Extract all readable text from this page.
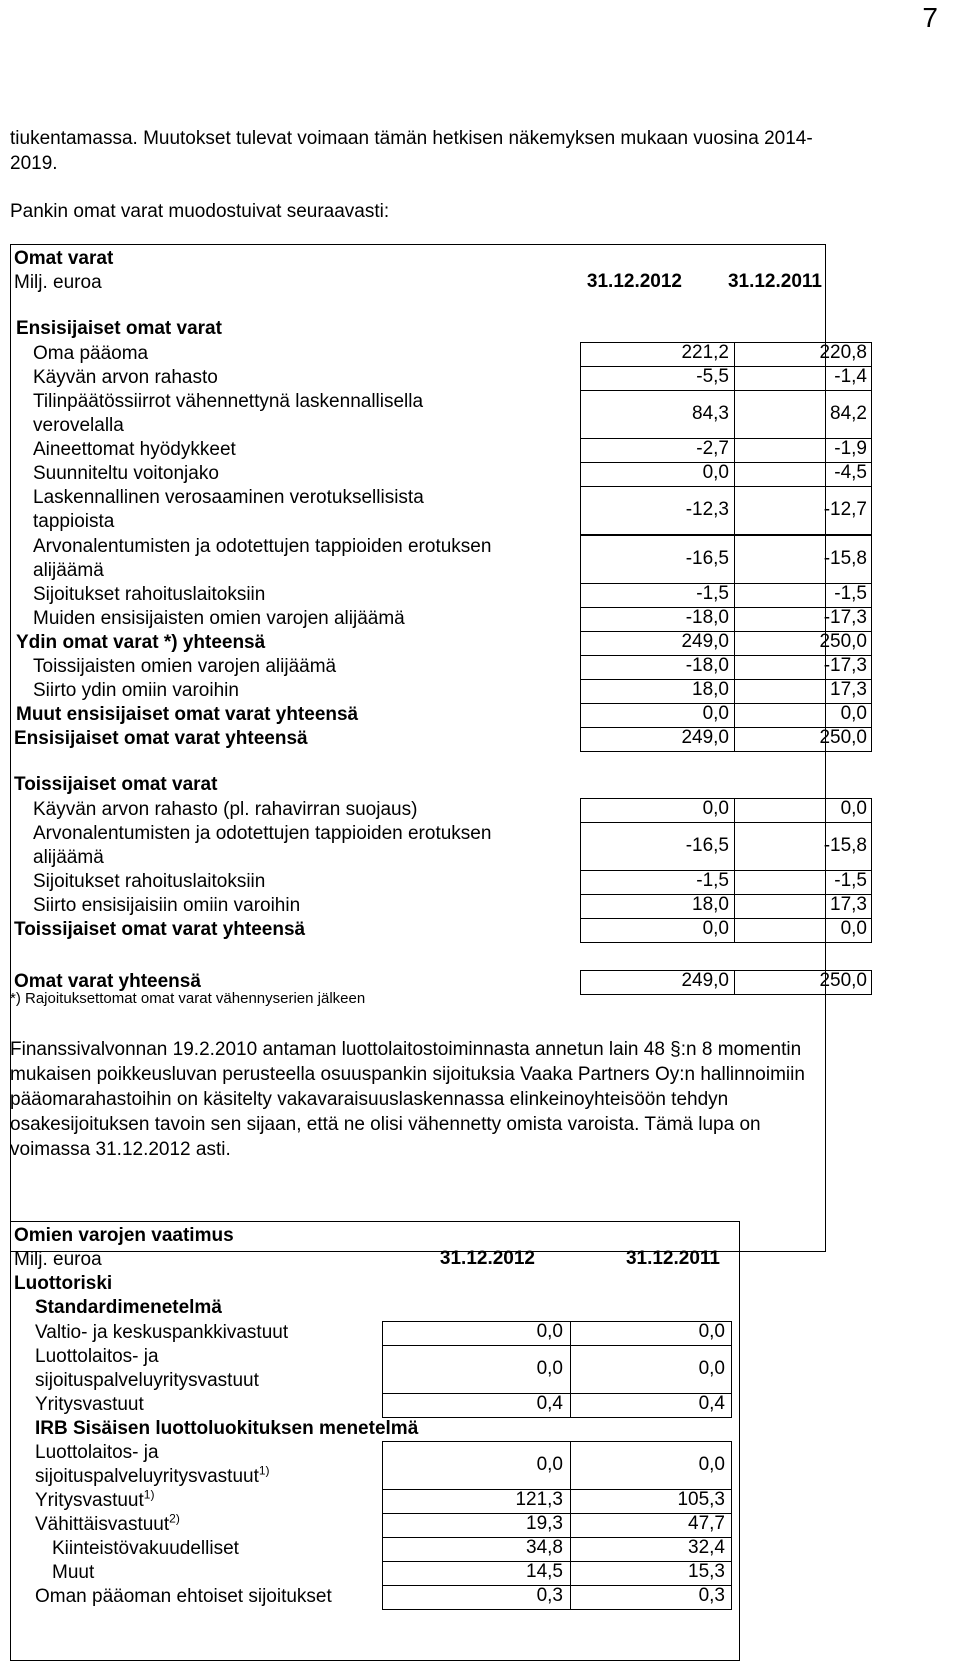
7
tiukentamassa. Muutokset tulevat voimaan tämän hetkisen näkemyksen mukaan vuosina 2014-
2019.
Pankin omat varat muodostuivat seuraavasti:
Omat varat
Milj. euroa	31.12.2012	31.12.2011
Ensisijaiset omat varat
Oma pääoma	221,2	220,8
Käyvän arvon rahasto	-5,5	-1,4
Tilinpäätössiirrot vähennettynä laskennallisella
verovelalla
84,3	84,2
Aineettomat hyödykkeet	-2,7	-1,9
Suunniteltu voitonjako	0,0	-4,5
Laskennallinen verosaaminen verotuksellisista
tappioista
-12,3	-12,7
Arvonalentumisten ja odotettujen tappioiden erotuksen
alijäämä
-16,5	-15,8
Sijoitukset rahoituslaitoksiin	-1,5	-1,5
Muiden ensisijaisten omien varojen alijäämä	-18,0	-17,3
Ydin omat varat *) yhteensä	249,0	250,0
Toissijaisten omien varojen alijäämä	-18,0	-17,3
Siirto ydin omiin varoihin	18,0	17,3
Muut ensisijaiset omat varat yhteensä	0,0	0,0
Ensisijaiset omat varat yhteensä	249,0	250,0
Toissijaiset omat varat
Käyvän arvon rahasto (pl. rahavirran suojaus)	0,0	0,0
Arvonalentumisten ja odotettujen tappioiden erotuksen
alijäämä
-16,5	-15,8
Sijoitukset rahoituslaitoksiin	-1,5	-1,5
Siirto ensisijaisiin omiin varoihin	18,0	17,3
Toissijaiset omat varat yhteensä	0,0	0,0
Omat varat yhteensä	249,0	250,0
*) Rajoituksettomat omat varat vähennyserien jälkeen
Finanssivalvonnan 19.2.2010 antaman luottolaitostoiminnasta annetun lain 48 §:n 8 momentin
mukaisen poikkeusluvan perusteella osuuspankin sijoituksia Vaaka Partners Oy:n hallinnoimiin
pääomarahastoihin on käsitelty vakavaraisuuslaskennassa elinkeinoyhteisöön tehdyn
osakesijoituksen tavoin sen sijaan, että ne olisi vähennetty omista varoista. Tämä lupa on
voimassa 31.12.2012 asti.
Omien varojen vaatimus
Milj. euroa	31.12.2012	31.12.2011
Luottoriski
Standardimenetelmä
Valtio- ja keskuspankkivastuut	0,0	0,0
Luottolaitos- ja
sijoituspalveluyritysvastuut
0,0	0,0
Yritysvastuut	0,4	0,4
IRB Sisäisen luottoluokituksen menetelmä
Luottolaitos- ja
sijoituspalveluyritysvastuut$^{1)}$	0,0	0,0
Yritysvastuut$^{1)}$	121,3	105,3
Vähittäisvastuut$^{2)}$	19,3	47,7
Kiinteistövakuudelliset	34,8	32,4
Muut	14,5	15,3
Oman pääoman ehtoiset sijoitukset	0,3	0,3
